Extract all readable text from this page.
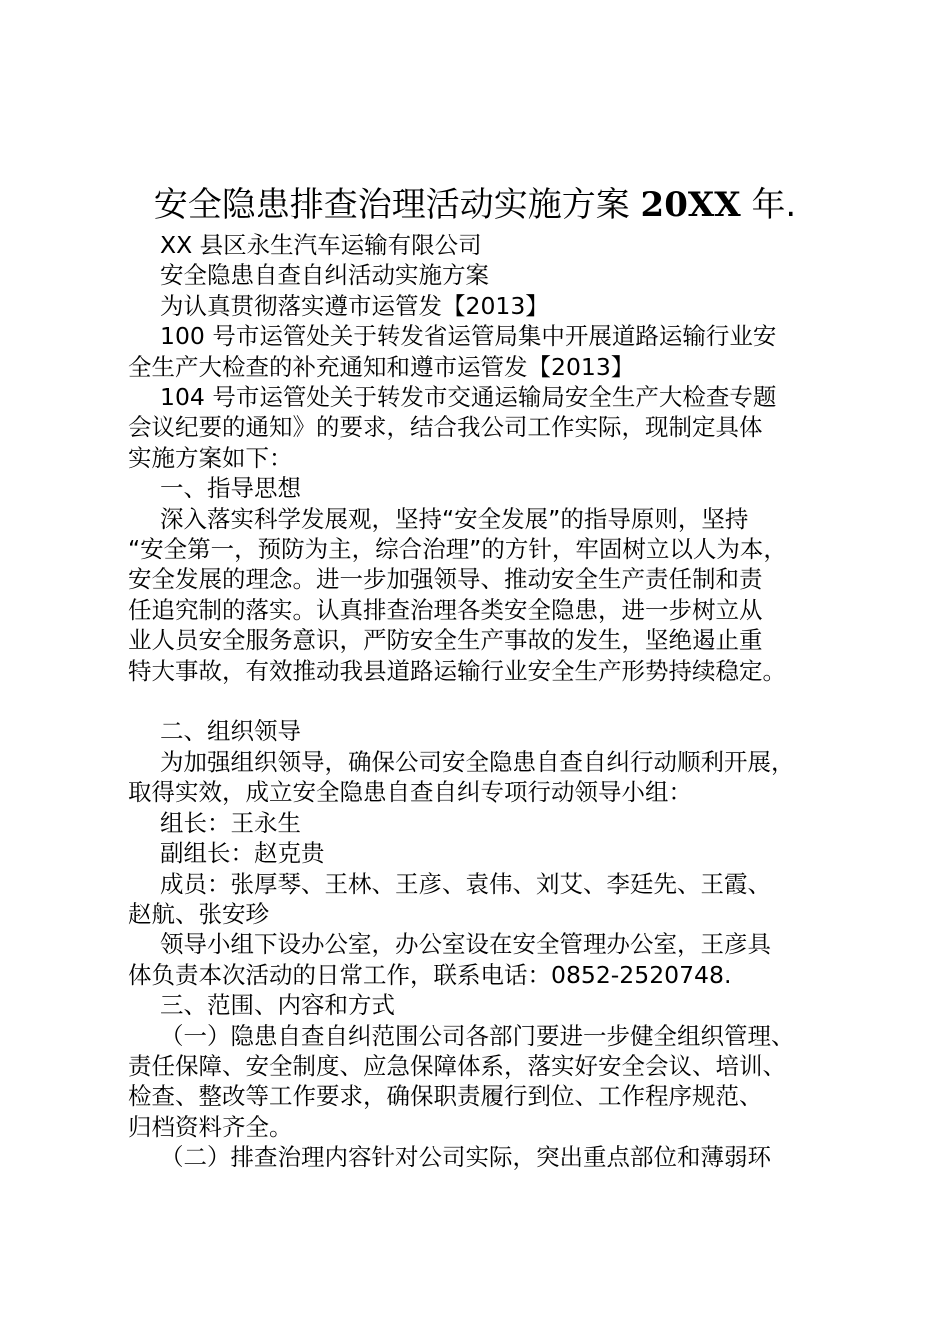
安全隐患排查治理活动实施方案 20XX 年.

XX 县区永生汽车运输有限公司

安全隐患自查自纠活动实施方案

为认真贯彻落实遵市运管发【2013】

100 号市运管处关于转发省运管局集中开展道路运输行业安

全生产大检查的补充通知和遵市运管发【2013】

104 号市运管处关于转发市交通运输局安全生产大检查专题

会议纪要的通知》的要求，结合我公司工作实际，现制定具体

实施方案如下：

一、指导思想

深入落实科学发展观，坚持“安全发展”的指导原则，坚持

“安全第一，预防为主，综合治理”的方针，牢固树立以人为本，

安全发展的理念。进一步加强领导、推动安全生产责任制和责

任追究制的落实。认真排查治理各类安全隐患，进一步树立从

业人员安全服务意识，严防安全生产事故的发生，坚绝遏止重

特大事故，有效推动我县道路运输行业安全生产形势持续稳定。

二、组织领导

为加强组织领导，确保公司安全隐患自查自纠行动顺利开展，

取得实效，成立安全隐患自查自纠专项行动领导小组：

组长：王永生

副组长：赵克贵

成员：张厚琴、王林、王彦、袁伟、刘艾、李廷先、王霞、

赵航、张安珍

领导小组下设办公室，办公室设在安全管理办公室，王彦具

体负责本次活动的日常工作，联系电话：0852-2520748.

三、范围、内容和方式

（一）隐患自查自纠范围公司各部门要进一步健全组织管理、

责任保障、安全制度、应急保障体系，落实好安全会议、培训、

检查、整改等工作要求，确保职责履行到位、工作程序规范、

归档资料齐全。

（二）排查治理内容针对公司实际，突出重点部位和薄弱环
